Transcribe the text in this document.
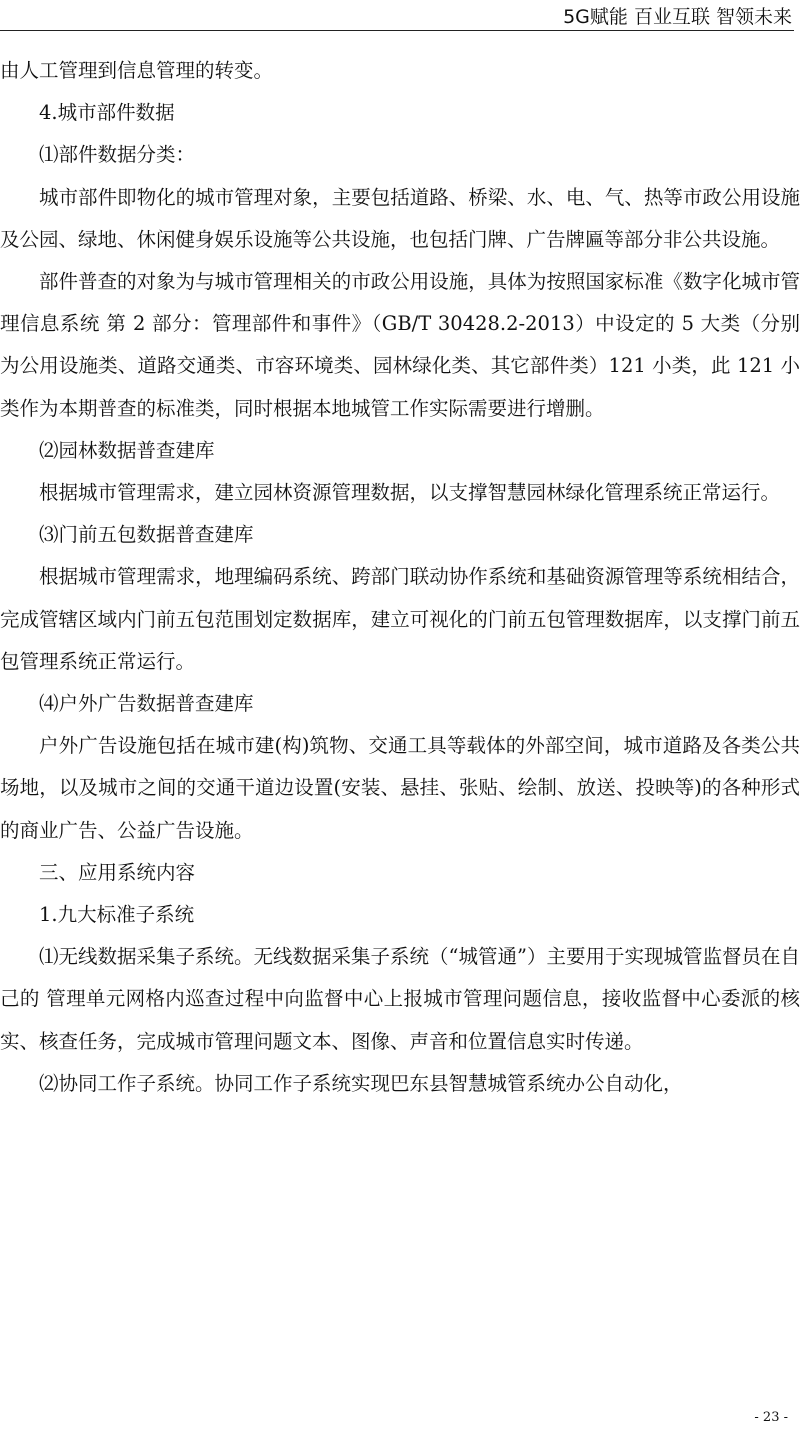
5G赋能 百业互联 智领未来

由人工管理到信息管理的转变。

4.城市部件数据

⑴部件数据分类：

城市部件即物化的城市管理对象，主要包括道路、桥梁、水、电、气、热等市政公用设施及公园、绿地、休闲健身娱乐设施等公共设施，也包括门牌、广告牌匾等部分非公共设施。

部件普查的对象为与城市管理相关的市政公用设施，具体为按照国家标准《数字化城市管理信息系统 第 2 部分：管理部件和事件》（GB/T 30428.2-2013）中设定的 5 大类（分别为公用设施类、道路交通类、市容环境类、园林绿化类、其它部件类）121 小类，此 121 小类作为本期普查的标准类，同时根据本地城管工作实际需要进行增删。

⑵园林数据普查建库

根据城市管理需求，建立园林资源管理数据，以支撑智慧园林绿化管理系统正常运行。

⑶门前五包数据普查建库

根据城市管理需求，地理编码系统、跨部门联动协作系统和基础资源管理等系统相结合，完成管辖区域内门前五包范围划定数据库，建立可视化的门前五包管理数据库，以支撑门前五包管理系统正常运行。

⑷户外广告数据普查建库

户外广告设施包括在城市建(构)筑物、交通工具等载体的外部空间，城市道路及各类公共场地，以及城市之间的交通干道边设置(安装、悬挂、张贴、绘制、放送、投映等)的各种形式的商业广告、公益广告设施。

三、应用系统内容

1.九大标准子系统

⑴无线数据采集子系统。无线数据采集子系统（“城管通”）主要用于实现城管监督员在自己的 管理单元网格内巡查过程中向监督中心上报城市管理问题信息，接收监督中心委派的核实、核查任务，完成城市管理问题文本、图像、声音和位置信息实时传递。

⑵协同工作子系统。协同工作子系统实现巴东县智慧城管系统办公自动化，

- 23 -
